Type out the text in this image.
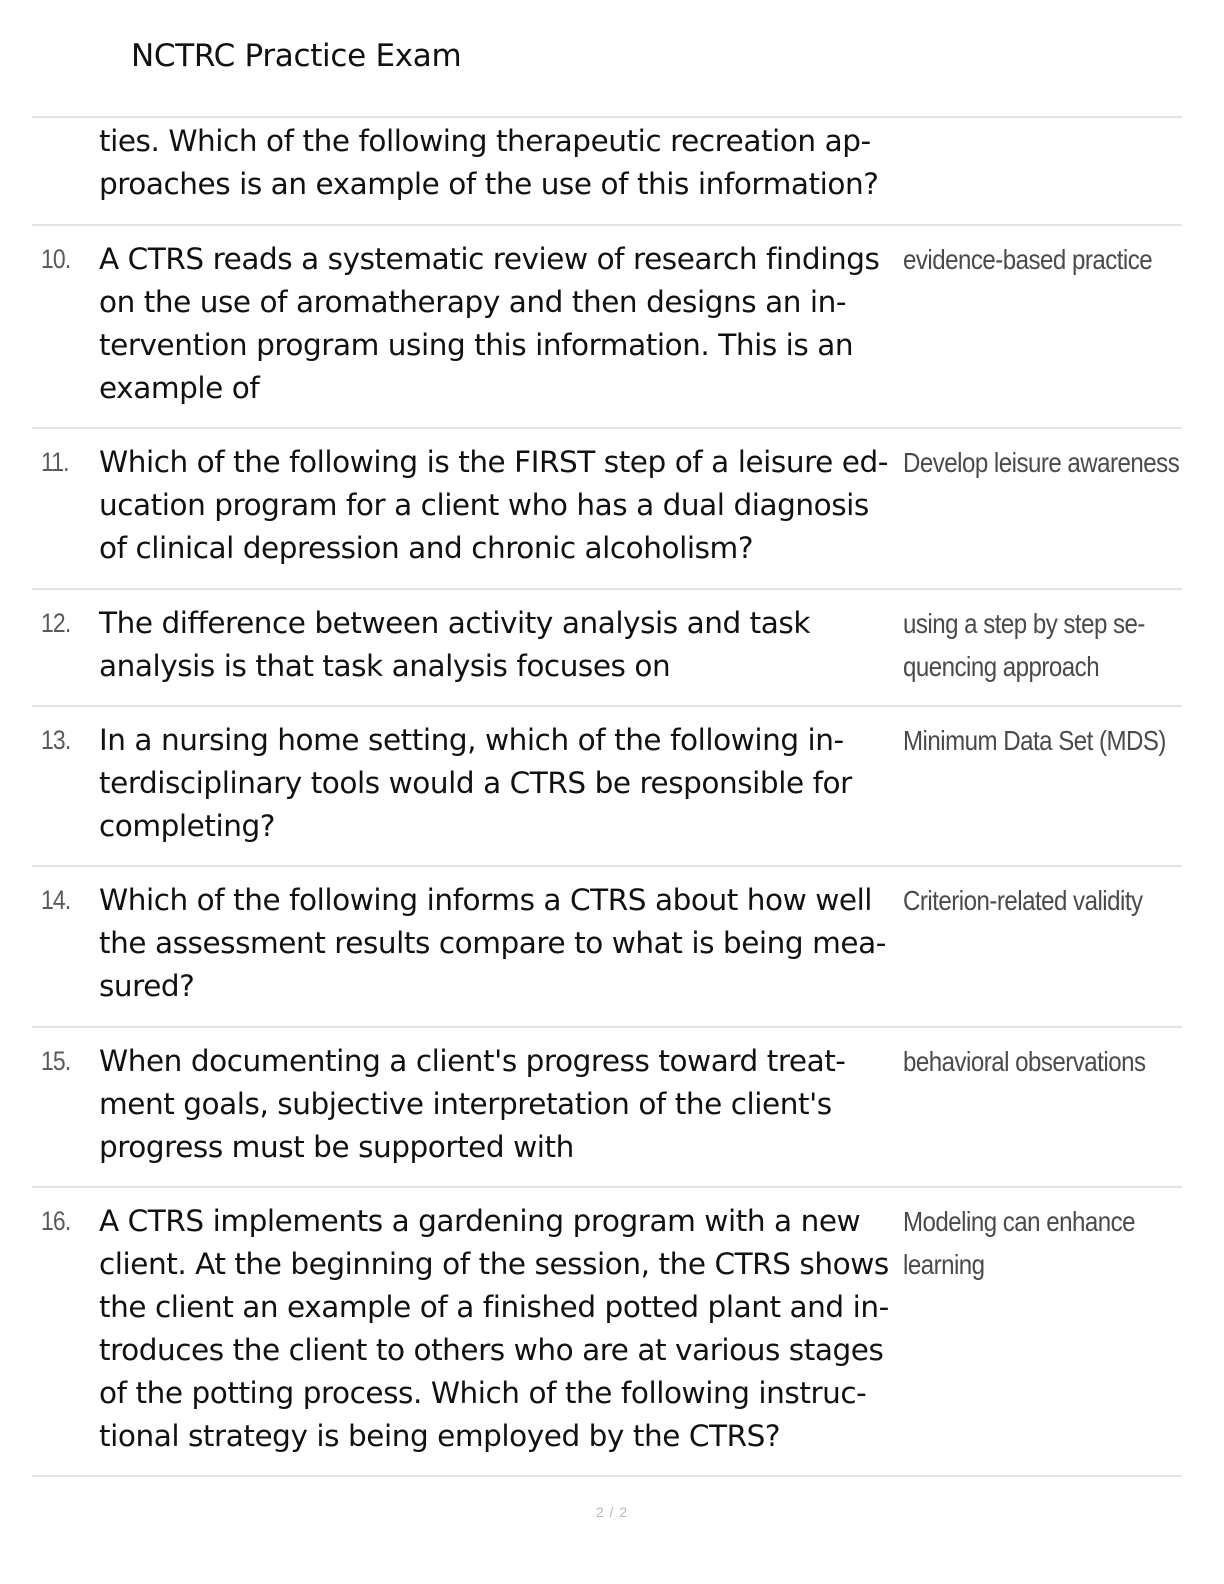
NCTRC Practice Exam
ties. Which of the following therapeutic recreation ap-
proaches is an example of the use of this information?
10. A CTRS reads a systematic review of research findings
on the use of aromatherapy and then designs an in-
tervention program using this information. This is an
example of
evidence-based practice
11. Which of the following is the FIRST step of a leisure ed-
ucation program for a client who has a dual diagnosis
of clinical depression and chronic alcoholism?
Develop leisure awareness
12. The difference between activity analysis and task
analysis is that task analysis focuses on
using a step by step se-
quencing approach
13. In a nursing home setting, which of the following in-
terdisciplinary tools would a CTRS be responsible for
completing?
Minimum Data Set (MDS)
14. Which of the following informs a CTRS about how well
the assessment results compare to what is being mea-
sured?
Criterion-related validity
15. When documenting a client's progress toward treat-
ment goals, subjective interpretation of the client's
progress must be supported with
behavioral observations
16. A CTRS implements a gardening program with a new
client. At the beginning of the session, the CTRS shows
the client an example of a finished potted plant and in-
troduces the client to others who are at various stages
of the potting process. Which of the following instruc-
tional strategy is being employed by the CTRS?
Modeling can enhance
learning
2 / 2
